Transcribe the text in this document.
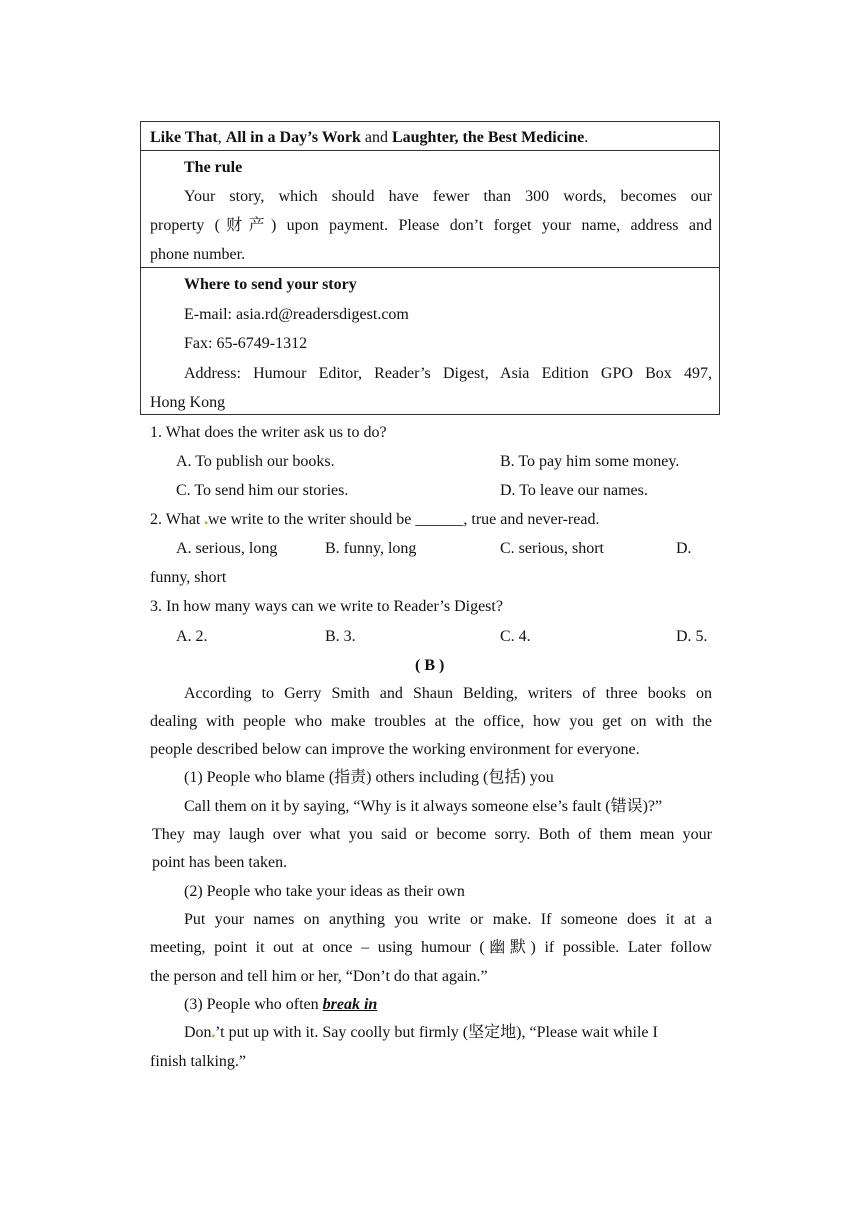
Like That, All in a Day’s Work and Laughter, the Best Medicine.
The rule
Your story, which should have fewer than 300 words, becomes our
property (财产) upon payment. Please don’t forget your name, address and
phone number.
Where to send your story
E-mail: asia.rd@readersdigest.com
Fax: 65-6749-1312
Address: Humour Editor, Reader’s Digest, Asia Edition GPO Box 497,
Hong Kong
1. What does the writer ask us to do?
A. To publish our books.	B. To pay him some money.
C. To send him our stories.	D. To leave our names.
2. What ▪we write to the writer should be ______, true and never-read.
A. serious, long	B. funny, long	C. serious, short	D.
funny, short
3. In how many ways can we write to Reader’s Digest?
A. 2.	B. 3.	C. 4.	D. 5.
( B )
According to Gerry Smith and Shaun Belding, writers of three books on
dealing with people who make troubles at the office, how you get on with the
people described below can improve the working environment for everyone.
(1) People who blame (指责) others including (包括) you
Call them on it by saying, “Why is it always someone else’s fault (错误)?”
They may laugh over what you said or become sorry. Both of them mean your
point has been taken.
(2) People who take your ideas as their own
Put your names on anything you write or make. If someone does it at a
meeting, point it out at once – using humour (幽默) if possible. Later follow
the person and tell him or her, “Don’t do that again.”
(3) People who often break in
Don▪’t put up with it. Say coolly but firmly (坚定地), “Please wait while I
finish talking.”
